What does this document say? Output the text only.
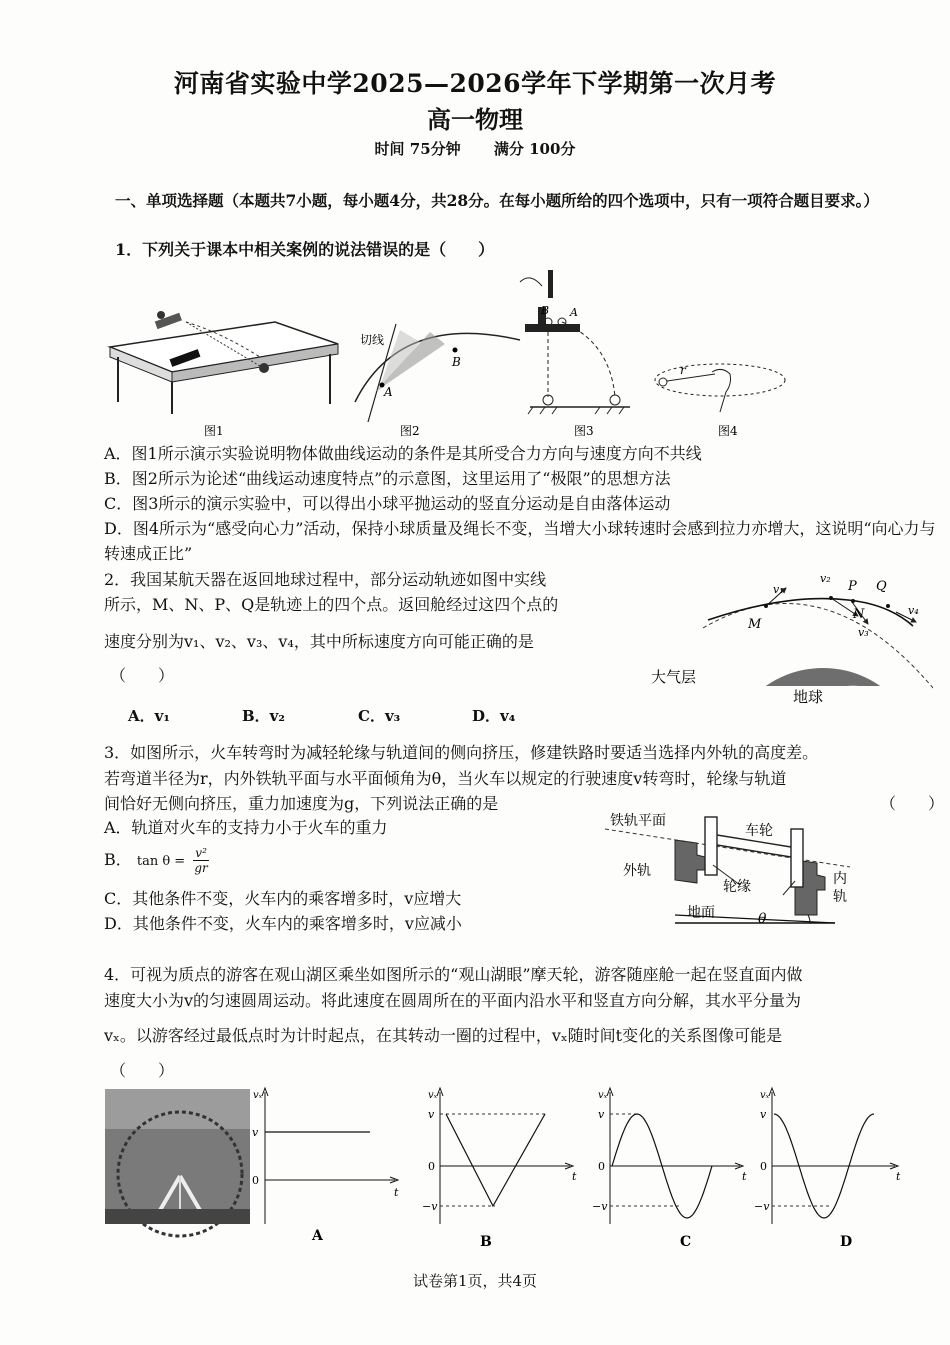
河南省实验中学2025—2026学年下学期第一次月考
高一物理
时间 75分钟 满分 100分
一、单项选择题（本题共7小题，每小题4分，共28分。在每小题所给的四个选项中，只有一项符合题目要求。）
1．下列关于课本中相关案例的说法错误的是（　　）
切线
A
B
B A
r
图1	图2	图3	图4
A．图1所示演示实验说明物体做曲线运动的条件是其所受合力方向与速度方向不共线
B．图2所示为论述“曲线运动速度特点”的示意图，这里运用了“极限”的思想方法
C．图3所示的演示实验中，可以得出小球平抛运动的竖直分运动是自由落体运动
D．图4所示为“感受向心力”活动，保持小球质量及绳长不变，当增大小球转速时会感到拉力亦增大，这说明“向心力与转速成正比”
2．我国某航天器在返回地球过程中，部分运动轨迹如图中实线
所示，M、N、P、Q是轨迹上的四个点。返回舱经过这四个点的
速度分别为v₁、v₂、v₃、v₄，其中所标速度方向可能正确的是
（　　）
A．v₁	B．v₂	C．v₃	D．v₄
M
N
P Q
v₁
v₂
v₃
v₄
大气层
地球
3．如图所示，火车转弯时为减轻轮缘与轨道间的侧向挤压，修建铁路时要适当选择内外轨的高度差。
若弯道半径为r，内外铁轨平面与水平面倾角为θ，当火车以规定的行驶速度v转弯时，轮缘与轨道
间恰好无侧向挤压，重力加速度为g，下列说法正确的是	（　　）
A．轨道对火车的支持力小于火车的重力
B． $\tan \theta = \frac{\text{v²}}{gr}$
C．其他条件不变，火车内的乘客增多时，v应增大
D．其他条件不变，火车内的乘客增多时，v应减小
铁轨平面
车轮
外轨
轮缘	内
轨
地面	θ
4．可视为质点的游客在观山湖区乘坐如图所示的“观山湖眼”摩天轮，游客随座舱一起在竖直面内做
速度大小为v的匀速圆周运动。将此速度在圆周所在的平面内沿水平和竖直方向分解，其水平分量为
vₓ。以游客经过最低点时为计时起点，在其转动一圈的过程中，vₓ随时间t变化的关系图像可能是
（　　）
vₓ
v
0
t
vₓ
v
0
−v
t
vₓ
v
0
−v
t
vₓ
v
0
−v
t
A	B	C	D
试卷第1页，共4页
